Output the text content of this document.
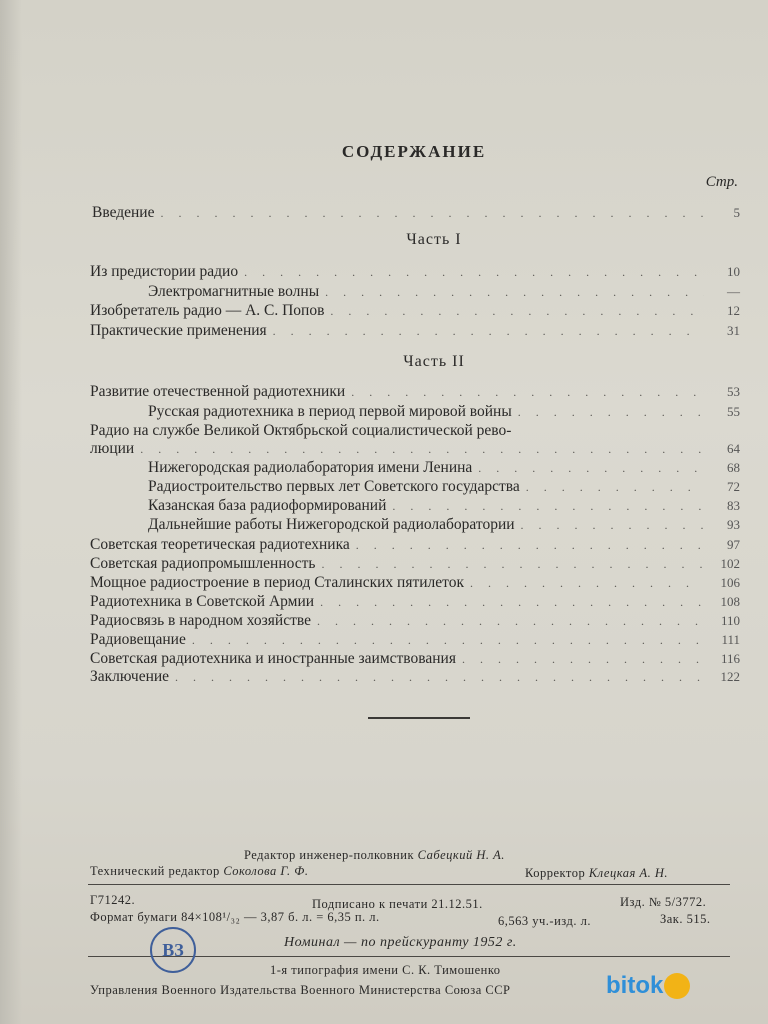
СОДЕРЖАНИЕ
Стр.
Введение . . .	5
Часть I
Из предистории радио . . .	10
Электромагнитные волны . . .	—
Изобретатель радио — А. С. Попов . . .	12
Практические применения . . .	31
Часть II
Развитие отечественной радиотехники . . .	53
Русская радиотехника в период первой мировой войны . . .	55
Радио на службе Великой Октябрьской социалистической рево-
люции . . .	64
Нижегородская радиолаборатория имени Ленина . . .	68
Радиостроительство первых лет Советского государства . . .	72
Казанская база радиоформирований . . .	83
Дальнейшие работы Нижегородской радиолаборатории . . .	93
Советская теоретическая радиотехника . . .	97
Советская радиопромышленность . . .	102
Мощное радиостроение в период Сталинских пятилеток . . .	106
Радиотехника в Советской Армии . . .	108
Радиосвязь в народном хозяйстве . . .	110
Радиовещание . . .	111
Советская радиотехника и иностранные заимствования . . .	116
Заключение . . .	122
Редактор инженер-полковник Сабецкий Н. А.
Технический редактор Соколова Г. Ф.	Корректор Клецкая А. Н.
Г71242.	Подписано к печати 21.12.51.	Изд. № 5/3772.
Формат бумаги 84×108¹/₃₂ — 3,87 б. л. = 6,35 п. л.	6,563 уч.-изд. л.	Зак. 515.
Номинал — по прейскуранту 1952 г.
1-я типография имени С. К. Тимошенко
Управления Военного Издательства Военного Министерства Союза ССР
ВЗ
bitok
